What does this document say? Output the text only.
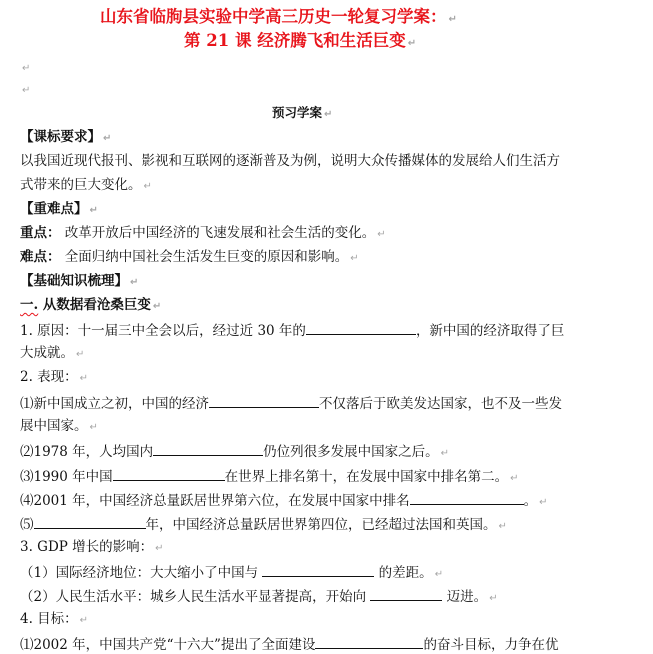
山东省临朐县实验中学高三历史一轮复习学案： ↵
第 21 课 经济腾飞和生活巨变 ↵
↵
↵
预习学案 ↵
【课标要求】 ↵
以我国近现代报刊、影视和互联网的逐渐普及为例，说明大众传播媒体的发展给人们生活方
式带来的巨大变化。 ↵
【重难点】 ↵
重点： 改革开放后中国经济的飞速发展和社会生活的变化。 ↵
难点： 全面归纳中国社会生活发生巨变的原因和影响。 ↵
【基础知识梳理】 ↵
一. 从数据看沧桑巨变 ↵
1. 原因：十一届三中全会以后，经过近 30 年的	，新中国的经济取得了巨
大成就。 ↵
2. 表现： ↵
⑴新中国成立之初，中国的经济	不仅落后于欧美发达国家，也不及一些发
展中国家。 ↵
⑵1978 年，人均国内	仍位列很多发展中国家之后。 ↵
⑶1990 年中国	在世界上排名第十，在发展中国家中排名第二。 ↵
⑷2001 年，中国经济总量跃居世界第六位，在发展中国家中排名	。 ↵
⑸	年，中国经济总量跃居世界第四位，已经超过法国和英国。 ↵
3. GDP 增长的影响： ↵
（1）国际经济地位：大大缩小了中国与	的差距。 ↵
（2）人民生活水平：城乡人民生活水平显著提高，开始向	迈进。 ↵
4. 目标： ↵
⑴2002 年，中国共产党“十六大”提出了全面建设	的奋斗目标，力争在优
